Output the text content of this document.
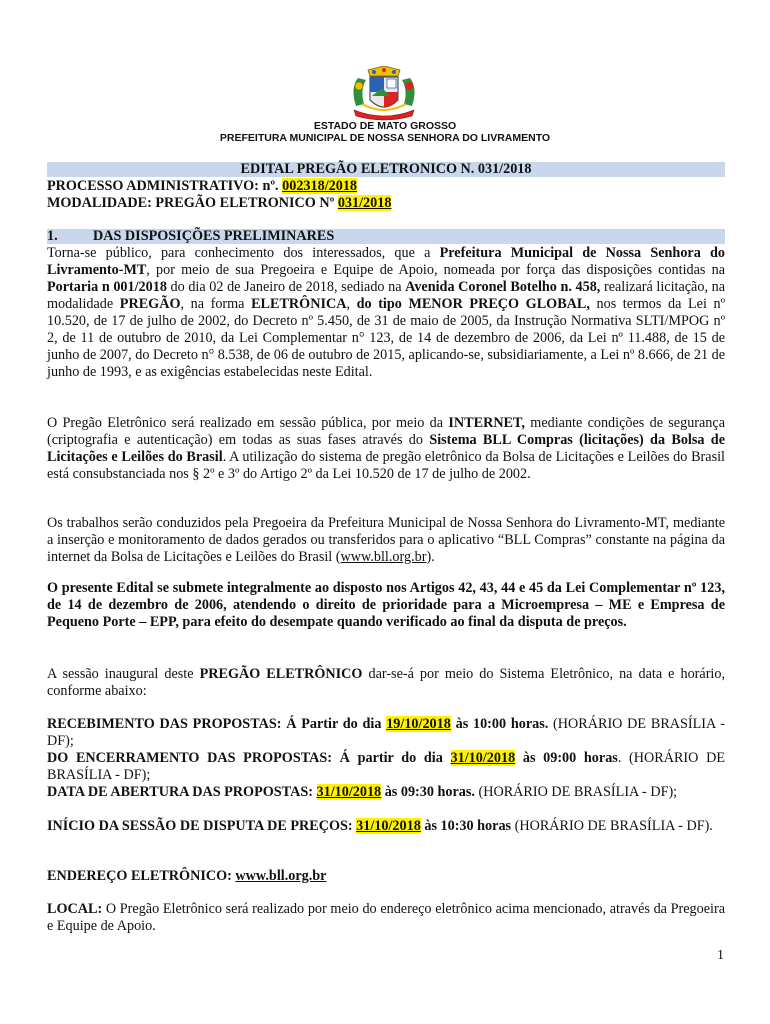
ESTADO DE MATO GROSSO
PREFEITURA MUNICIPAL DE NOSSA SENHORA DO LIVRAMENTO
EDITAL PREGÃO ELETRONICO N. 031/2018
PROCESSO ADMINISTRATIVO: nº. 002318/2018
MODALIDADE: PREGÃO ELETRONICO Nº 031/2018
1. DAS DISPOSIÇÕES PRELIMINARES
Torna-se público, para conhecimento dos interessados, que a Prefeitura Municipal de Nossa Senhora do Livramento-MT, por meio de sua Pregoeira e Equipe de Apoio, nomeada por força das disposições contidas na Portaria n 001/2018 do dia 02 de Janeiro de 2018, sediado na Avenida Coronel Botelho n. 458, realizará licitação, na modalidade PREGÃO, na forma ELETRÔNICA, do tipo MENOR PREÇO GLOBAL, nos termos da Lei nº 10.520, de 17 de julho de 2002, do Decreto nº 5.450, de 31 de maio de 2005, da Instrução Normativa SLTI/MPOG nº 2, de 11 de outubro de 2010, da Lei Complementar n° 123, de 14 de dezembro de 2006, da Lei nº 11.488, de 15 de junho de 2007, do Decreto n° 8.538, de 06 de outubro de 2015, aplicando-se, subsidiariamente, a Lei nº 8.666, de 21 de junho de 1993, e as exigências estabelecidas neste Edital.
O Pregão Eletrônico será realizado em sessão pública, por meio da INTERNET, mediante condições de segurança (criptografia e autenticação) em todas as suas fases através do Sistema BLL Compras (licitações) da Bolsa de Licitações e Leilões do Brasil. A utilização do sistema de pregão eletrônico da Bolsa de Licitações e Leilões do Brasil está consubstanciada nos § 2º e 3º do Artigo 2º da Lei 10.520 de 17 de julho de 2002.
Os trabalhos serão conduzidos pela Pregoeira da Prefeitura Municipal de Nossa Senhora do Livramento-MT, mediante a inserção e monitoramento de dados gerados ou transferidos para o aplicativo “BLL Compras” constante na página da internet da Bolsa de Licitações e Leilões do Brasil (www.bll.org.br).
O presente Edital se submete integralmente ao disposto nos Artigos 42, 43, 44 e 45 da Lei Complementar nº 123, de 14 de dezembro de 2006, atendendo o direito de prioridade para a Microempresa – ME e Empresa de Pequeno Porte – EPP, para efeito do desempate quando verificado ao final da disputa de preços.
A sessão inaugural deste PREGÃO ELETRÔNICO dar-se-á por meio do Sistema Eletrônico, na data e horário, conforme abaixo:
RECEBIMENTO DAS PROPOSTAS: Á Partir do dia 19/10/2018 às 10:00 horas. (HORÁRIO DE BRASÍLIA - DF);
DO ENCERRAMENTO DAS PROPOSTAS: Á partir do dia 31/10/2018 às 09:00 horas. (HORÁRIO DE BRASÍLIA - DF);
DATA DE ABERTURA DAS PROPOSTAS: 31/10/2018 às 09:30 horas. (HORÁRIO DE BRASÍLIA - DF);
INÍCIO DA SESSÃO DE DISPUTA DE PREÇOS: 31/10/2018 às 10:30 horas (HORÁRIO DE BRASÍLIA - DF).
ENDEREÇO ELETRÔNICO: www.bll.org.br
LOCAL: O Pregão Eletrônico será realizado por meio do endereço eletrônico acima mencionado, através da Pregoeira e Equipe de Apoio.
1
